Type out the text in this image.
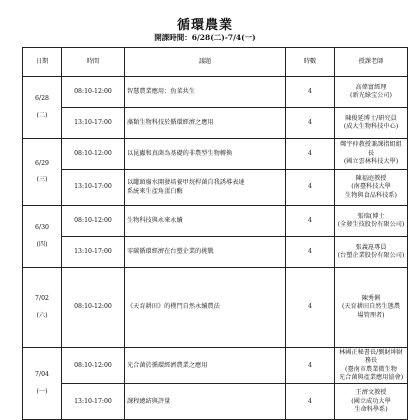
循環農業
開課時間：6/28(二)-7/4(一)
日期	時間	議題	時數	授課老師

6/28
(二)	08:10-12:00	智慧農業應用：魚菜共生	4	高偉富經理
(新光綠宝公司)

	13:10-17:00	藻類生物科技於循環經濟之應用	4	陳俊延博士/研究員
(成大生物科技中心)

6/29
(三)	08:10-12:00	以昆蟲和真菌為基礎的非農型生物轉換	4	鄭宇仲教授兼課指組組長
(國立雲林科技大學)

	13:10-17:00	以罐頭廢水開發培養甲烷桿菌自我誘導表達
系統來生產角蛋白酶	4	陳福庭教授
(南臺科技大學
生物與食品科技系)

6/30
(四)	08:10-12:00	生物科技與永來永續	4	張瑞(博士
(全發生技股份有限公司)

	13:10-17:00	零碳循環經濟在台塑企業的挑戰	4	張義崑專員
(台塑企業股份有限公司)

7/02
(六)	08:10-12:00	《天育耕田》的樸門自然永續農法	4	陳秀俐
(天育耕田自然生態農
場管理者)

7/04
(一)	08:10-12:00	光合菌於循環經濟農業之應用	4	林國正秘書長/劉財坤財務長
(臺南市農業微生物
光合菌與產業應用協會)

	13:10-17:00	課程總結與評量	4	王濟文教授
(國立成功大學
生命科學系)
